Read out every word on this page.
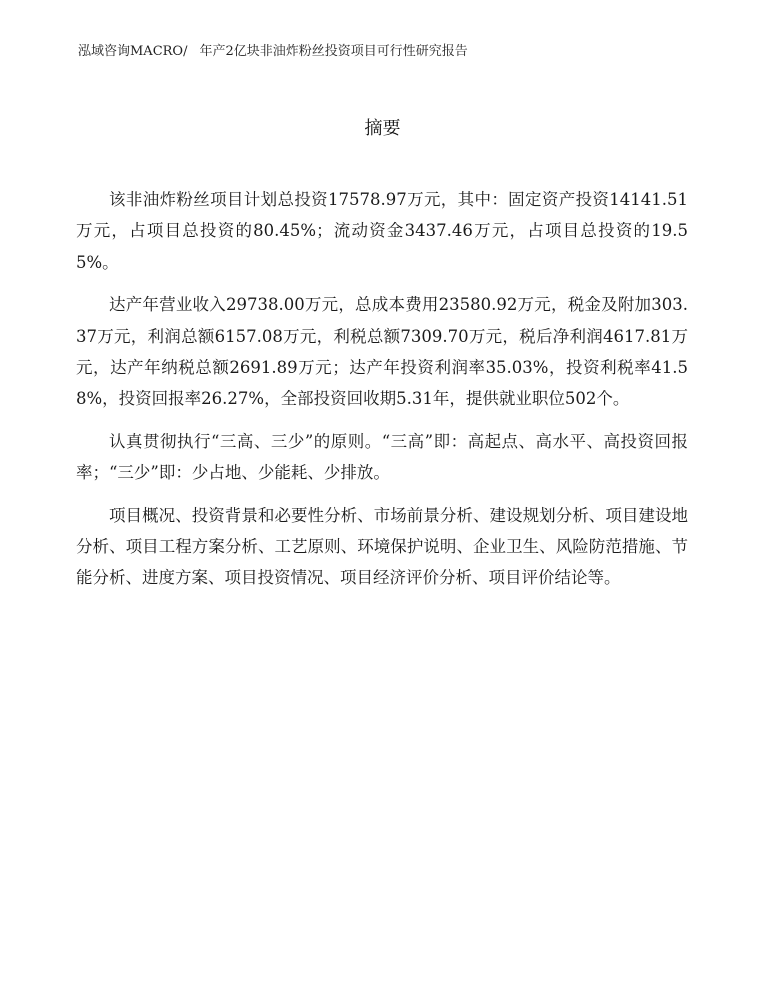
泓域咨询MACRO/ 年产2亿块非油炸粉丝投资项目可行性研究报告
摘要

该非油炸粉丝项目计划总投资17578.97万元，其中：固定资产投资14141.51万元，占项目总投资的80.45%；流动资金3437.46万元，占项目总投资的19.55%。

达产年营业收入29738.00万元，总成本费用23580.92万元，税金及附加303.37万元，利润总额6157.08万元，利税总额7309.70万元，税后净利润4617.81万元，达产年纳税总额2691.89万元；达产年投资利润率35.03%，投资利税率41.58%，投资回报率26.27%，全部投资回收期5.31年，提供就业职位502个。

认真贯彻执行“三高、三少”的原则。“三高”即：高起点、高水平、高投资回报率；“三少”即：少占地、少能耗、少排放。

项目概况、投资背景和必要性分析、市场前景分析、建设规划分析、项目建设地分析、项目工程方案分析、工艺原则、环境保护说明、企业卫生、风险防范措施、节能分析、进度方案、项目投资情况、项目经济评价分析、项目评价结论等。
